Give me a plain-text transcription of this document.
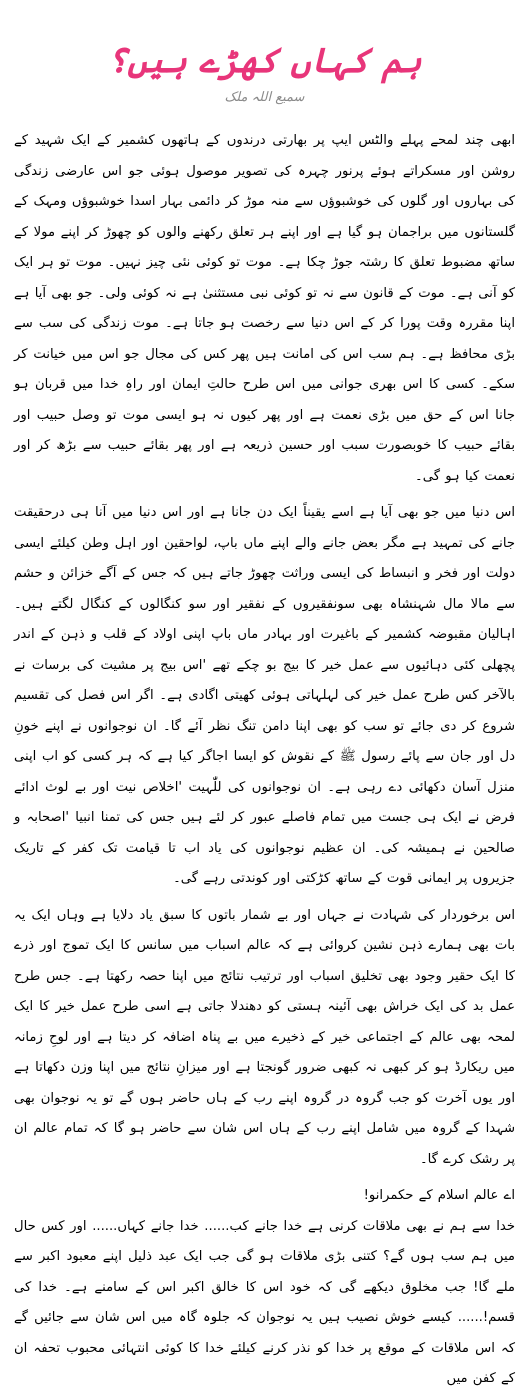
ہم کہاں کھڑے ہیں؟
سمیع اللہ ملک

ابھی چند لمحے پہلے والٹس ایپ پر بھارتی درندوں کے ہاتھوں کشمیر کے ایک شہید کے روشن اور مسکراتے ہوئے پرنور چہرہ کی تصویر موصول ہوئی جو اس عارضی زندگی کی بہاروں اور گلوں کی خوشبوؤں سے منہ موڑ کر دائمی بہار اسدا خوشبوؤں ومہک کے گلستانوں میں براجمان ہو گیا ہے اور اپنے ہر تعلق رکھنے والوں کو چھوڑ کر اپنے مولا کے ساتھ مضبوط تعلق کا رشتہ جوڑ چکا ہے۔ موت تو کوئی نئی چیز نہیں۔ موت تو ہر ایک کو آنی ہے۔ موت کے قانون سے نہ تو کوئی نبی مستثنیٰ ہے نہ کوئی ولی۔ جو بھی آیا ہے اپنا مقررہ وقت پورا کر کے اس دنیا سے رخصت ہو جاتا ہے۔ موت زندگی کی سب سے بڑی محافظ ہے۔ ہم سب اس کی امانت ہیں پھر کس کی مجال جو اس میں خیانت کر سکے۔ کسی کا اس بھری جوانی میں اس طرح حالتِ ایمان اور راہِ خدا میں قربان ہو جانا اس کے حق میں بڑی نعمت ہے اور پھر کیوں نہ ہو ایسی موت تو وصل حبیب اور بقائے حبیب کا خوبصورت سبب اور حسین ذریعہ ہے اور پھر بقائے حبیب سے بڑھ کر اور نعمت کیا ہو گی۔

اس دنیا میں جو بھی آیا ہے اسے یقیناً ایک دن جانا ہے اور اس دنیا میں آنا ہی درحقیقت جانے کی تمہید ہے مگر بعض جانے والے اپنے ماں باپ، لواحقین اور اہل وطن کیلئے ایسی دولت اور فخر و انبساط کی ایسی وراثت چھوڑ جاتے ہیں کہ جس کے آگے خزائن و حشم سے مالا مال شہنشاہ بھی سونفقیروں کے نفقیر اور سو کنگالوں کے کنگال لگتے ہیں۔ اہالیان مقبوضہ کشمیر کے باغیرت اور بہادر ماں باپ اپنی اولاد کے قلب و ذہن کے اندر پچھلی کئی دہائیوں سے عمل خیر کا بیج بو چکے تھے 'اس بیج پر مشیت کی برسات نے بالآخر کس طرح عمل خیر کی لہلہاتی ہوئی کھیتی اگادی ہے۔ اگر اس فصل کی تقسیم شروع کر دی جائے تو سب کو بھی اپنا دامن تنگ نظر آئے گا۔ ان نوجوانوں نے اپنے خونِ دل اور جان سے پائے رسول ﷺ کے نقوش کو ایسا اجاگر کیا ہے کہ ہر کسی کو اب اپنی منزل آسان دکھائی دے رہی ہے۔ ان نوجوانوں کی للّٰہیت 'اخلاص نیت اور بے لوث ادائے فرض نے ایک ہی جست میں تمام فاصلے عبور کر لئے ہیں جس کی تمنا انبیا 'اصحابہ و صالحین نے ہمیشہ کی۔ ان عظیم نوجوانوں کی یاد اب تا قیامت تک کفر کے تاریک جزیروں پر ایمانی قوت کے ساتھ کڑکتی اور کوندتی رہے گی۔

اس برخوردار کی شہادت نے جہاں اور بے شمار باتوں کا سبق یاد دلایا ہے وہاں ایک یہ بات بھی ہمارے ذہن نشین کروائی ہے کہ عالم اسباب میں سانس کا ایک تموج اور ذرے کا ایک حقیر وجود بھی تخلیق اسباب اور ترتیب نتائج میں اپنا حصہ رکھتا ہے۔ جس طرح عمل بد کی ایک خراش بھی آئینہ ہستی کو دھندلا جاتی ہے اسی طرح عمل خیر کا ایک لمحہ بھی عالم کے اجتماعی خیر کے ذخیرے میں بے پناہ اضافہ کر دیتا ہے اور لوحِ زمانہ میں ریکارڈ ہو کر کبھی نہ کبھی ضرور گونجتا ہے اور میزانِ نتائج میں اپنا وزن دکھاتا ہے اور یوں آخرت کو جب گروہ در گروہ اپنے رب کے ہاں حاضر ہوں گے تو یہ نوجوان بھی شہدا کے گروہ میں شامل اپنے رب کے ہاں اس شان سے حاضر ہو گا کہ تمام عالم ان پر رشک کرے گا۔

اے عالم اسلام کے حکمرانو!

خدا سے ہم نے بھی ملاقات کرنی ہے خدا جانے کب...... خدا جانے کہاں...... اور کس حال میں ہم سب ہوں گے؟ کتنی بڑی ملاقات ہو گی جب ایک عبد ذلیل اپنے معبود اکبر سے ملے گا! جب مخلوق دیکھے گی کہ خود اس کا خالق اکبر اس کے سامنے ہے۔ خدا کی قسم!...... کیسے خوش نصیب ہیں یہ نوجوان کہ جلوہ گاہ میں اس شان سے جائیں گے کہ اس ملاقات کے موقع پر خدا کو نذر کرنے کیلئے خدا کا کوئی انتہائی محبوب تحفہ ان کے کفن میں
